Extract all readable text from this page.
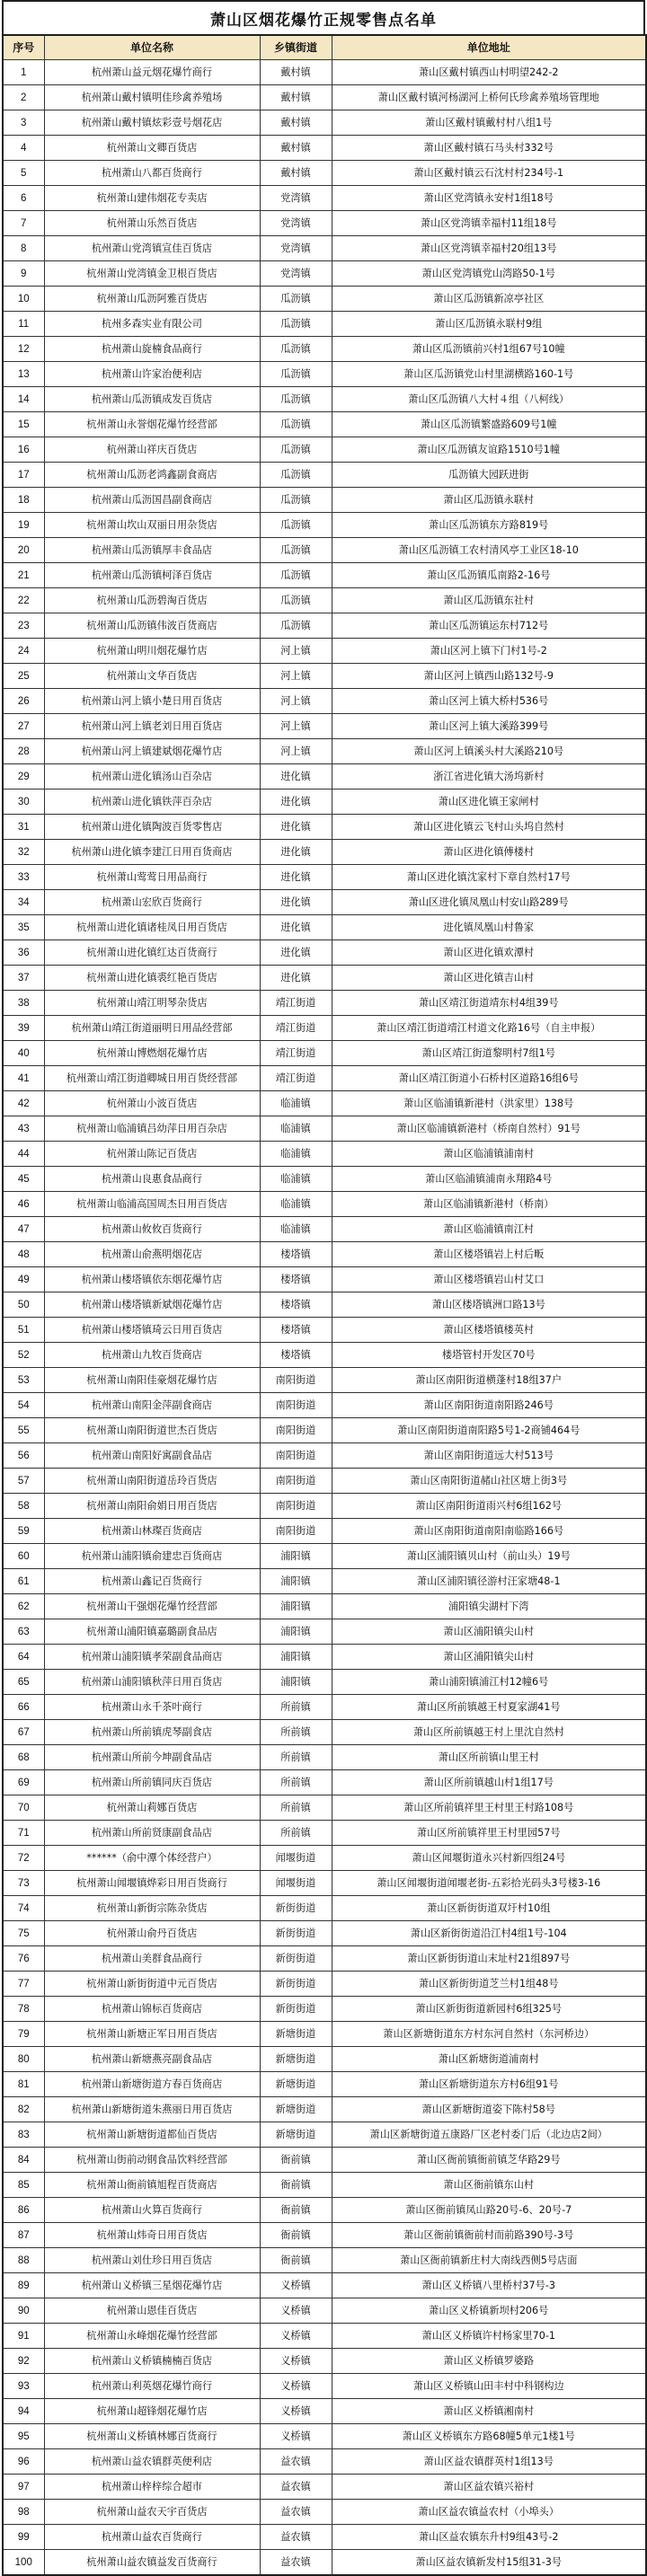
萧山区烟花爆竹正规零售点名单
序号	单位名称	乡镇街道	单位地址
1	杭州萧山益元烟花爆竹商行	戴村镇	萧山区戴村镇西山村明望242-2
2	杭州萧山戴村镇明佳珍禽养殖场	戴村镇	萧山区戴村镇河杨湖河上桥何氏珍禽养殖场管理地
3	杭州萧山戴村镇炫彩壹号烟花店	戴村镇	萧山区戴村镇戴村村八组1号
4	杭州萧山文卿百货店	戴村镇	萧山区戴村镇石马头村332号
5	杭州萧山八都百货商行	戴村镇	萧山区戴村镇云石沈村村234号-1
6	杭州萧山建伟烟花专卖店	党湾镇	萧山区党湾镇永安村1组18号
7	杭州萧山乐然百货店	党湾镇	萧山区党湾镇幸福村11组18号
8	杭州萧山党湾镇宣佳百货店	党湾镇	萧山区党湾镇幸福村20组13号
9	杭州萧山党湾镇金卫根百货店	党湾镇	萧山区党湾镇党山湾路50-1号
10	杭州萧山瓜沥阿雅百货店	瓜沥镇	萧山区瓜沥镇新凉亭社区
11	杭州多森实业有限公司	瓜沥镇	萧山区瓜沥镇永联村9组
12	杭州萧山旋楠食品商行	瓜沥镇	萧山区瓜沥镇前兴村1组67号10幢
13	杭州萧山许家治便利店	瓜沥镇	萧山区瓜沥镇党山村里湖横路160-1号
14	杭州萧山瓜沥镇成发百货店	瓜沥镇	萧山区瓜沥镇八大村４组（八柯线）
15	杭州萧山永誉烟花爆竹经营部	瓜沥镇	萧山区瓜沥镇繁盛路609号1幢
16	杭州萧山祥庆百货店	瓜沥镇	萧山区瓜沥镇友谊路1510号1幢
17	杭州萧山瓜沥老鸿鑫副食商店	瓜沥镇	瓜沥镇大园跃进街
18	杭州萧山瓜沥国昌副食商店	瓜沥镇	萧山区瓜沥镇永联村
19	杭州萧山坎山双丽日用杂货店	瓜沥镇	萧山区瓜沥镇东方路819号
20	杭州萧山瓜沥镇厚丰食品店	瓜沥镇	萧山区瓜沥镇工农村清风亭工业区18-10
21	杭州萧山瓜沥镇柯泽百货店	瓜沥镇	萧山区瓜沥镇瓜南路2-16号
22	杭州萧山瓜沥碧淘百货店	瓜沥镇	萧山区瓜沥镇东社村
23	杭州萧山瓜沥镇伟波百货商店	瓜沥镇	萧山区瓜沥镇运东村712号
24	杭州萧山明川烟花爆竹店	河上镇	萧山区河上镇下门村1号-2
25	杭州萧山文华百货店	河上镇	萧山区河上镇西山路132号-9
26	杭州萧山河上镇小楚日用百货店	河上镇	萧山区河上镇大桥村536号
27	杭州萧山河上镇老刘日用百货店	河上镇	萧山区河上镇大溪路399号
28	杭州萧山河上镇建斌烟花爆竹店	河上镇	萧山区河上镇溪头村大溪路210号
29	杭州萧山进化镇汤山百杂店	进化镇	浙江省进化镇大汤坞新村
30	杭州萧山进化镇铁萍百杂店	进化镇	萧山区进化镇王家闸村
31	杭州萧山进化镇陶波百货零售店	进化镇	萧山区进化镇云飞村山头坞自然村
32	杭州萧山进化镇李建江日用百货商店	进化镇	萧山区进化镇傅楼村
33	杭州萧山莺莺日用品商行	进化镇	萧山区进化镇沈家村下章自然村17号
34	杭州萧山宏欣百货商行	进化镇	萧山区进化镇凤凰山村安山路289号
35	杭州萧山进化镇诸桂凤日用百货店	进化镇	进化镇凤凰山村鲁家
36	杭州萧山进化镇红达百货商行	进化镇	萧山区进化镇欢潭村
37	杭州萧山进化镇裘红艳百货店	进化镇	萧山区进化镇吉山村
38	杭州萧山靖江明琴杂货店	靖江街道	萧山区靖江街道靖东村4组39号
39	杭州萧山靖江街道丽明日用品经营部	靖江街道	萧山区靖江街道靖江村道文化路16号（自主申报）
40	杭州萧山博燃烟花爆竹店	靖江街道	萧山区靖江街道黎明村7组1号
41	杭州萧山靖江街道卿城日用百货经营部	靖江街道	萧山区靖江街道小石桥村区道路16组6号
42	杭州萧山小波百货店	临浦镇	萧山区临浦镇新港村（洪家里）138号
43	杭州萧山临浦镇吕幼萍日用百杂店	临浦镇	萧山区临浦镇新港村（桥南自然村）91号
44	杭州萧山陈记百货店	临浦镇	萧山区临浦镇浦南村
45	杭州萧山良惠食品商行	临浦镇	萧山区临浦镇浦南永翔路4号
46	杭州萧山临浦高国周杰日用百货店	临浦镇	萧山区临浦镇新港村（桥南）
47	杭州萧山攸攸百货商行	临浦镇	萧山区临浦镇南江村
48	杭州萧山俞燕明烟花店	楼塔镇	萧山区楼塔镇岩上村后畈
49	杭州萧山楼塔镇依东烟花爆竹店	楼塔镇	萧山区楼塔镇岩山村艾口
50	杭州萧山楼塔镇新斌烟花爆竹店	楼塔镇	萧山区楼塔镇洲口路13号
51	杭州萧山楼塔镇琦云日用百货店	楼塔镇	萧山区楼塔镇楼英村
52	杭州萧山九牧百货商店	楼塔镇	楼塔管村开发区70号
53	杭州萧山南阳佳豪烟花爆竹店	南阳街道	萧山区南阳街道横蓬村18组37户
54	杭州萧山南阳金萍副食商店	南阳街道	萧山区南阳街道南阳路246号
55	杭州萧山南阳街道世杰百货店	南阳街道	萧山区南阳街道南阳路5号1-2商铺464号
56	杭州萧山南阳好寓副食品店	南阳街道	萧山区南阳街道远大村513号
57	杭州萧山南阳街道岳玲百货店	南阳街道	萧山区南阳街道赭山社区塘上街3号
58	杭州萧山南阳俞娟日用百货店	南阳街道	萧山区南阳街道雨兴村6组162号
59	杭州萧山林璨百货商店	南阳街道	萧山区南阳街道南阳南临路166号
60	杭州萧山浦阳镇俞建忠百货商店	浦阳镇	萧山区浦阳镇贝山村（前山头）19号
61	杭州萧山鑫记百货商行	浦阳镇	萧山区浦阳镇径游村汪家塘48-1
62	杭州萧山干强烟花爆竹经营部	浦阳镇	浦阳镇尖湖村下湾
63	杭州萧山浦阳镇嘉璐副食品店	浦阳镇	萧山区浦阳镇尖山村
64	杭州萧山浦阳镇孝荣副食品商店	浦阳镇	萧山区浦阳镇尖山村
65	杭州萧山浦阳镇秋萍日用百货店	浦阳镇	萧山浦阳镇浦江村12幢6号
66	杭州萧山永千茶叶商行	所前镇	萧山区所前镇越王村夏家湖41号
67	杭州萧山所前镇虎琴副食店	所前镇	萧山区所前镇越王村上里沈自然村
68	杭州萧山所前今坤副食品店	所前镇	萧山区所前镇山里王村
69	杭州萧山所前镇同庆百货店	所前镇	萧山区所前镇越山村1组17号
70	杭州萧山莉娜百货店	所前镇	萧山区所前镇祥里王村里王村路108号
71	杭州萧山所前贤康副食品店	所前镇	萧山区所前镇祥里王村里园57号
72	******（俞中潭个体经营户）	闻堰街道	萧山区闻堰街道永兴村新四组24号
73	杭州萧山闻堰镇烨彩日用百货商行	闻堰街道	萧山区闻堰街道闻堰老街-五彩拾光码头3号楼3-16
74	杭州萧山新街宗陈杂货店	新街街道	萧山区新街街道双圩村10组
75	杭州萧山俞丹百货店	新街街道	萧山区新街街道沿江村4组1号-104
76	杭州萧山美群食品商行	新街街道	萧山区新街街道山末址村21组897号
77	杭州萧山新街街道中元百货店	新街街道	萧山区新街街道芝兰村1组48号
78	杭州萧山锦标百货商店	新街街道	萧山区新街街道新园村6组325号
79	杭州萧山新塘正军日用百货店	新塘街道	萧山区新塘街道东方村东河自然村（东河桥边）
80	杭州萧山新塘燕亮副食品店	新塘街道	萧山区新塘街道浦南村
81	杭州萧山新塘街道方春百货商店	新塘街道	萧山区新塘街道东方村6组91号
82	杭州萧山新塘街道朱燕丽日用百货店	新塘街道	萧山区新塘街道姿下陈村58号
83	杭州萧山新塘街道都仙百货店	新塘街道	萧山区新塘街道五康路厂区老村委门后（北边店2间）
84	杭州萧山街前动钢食品饮料经营部	衙前镇	萧山区衙前镇衙前镇芝华路29号
85	杭州萧山衙前镇旭程百货商店	衙前镇	萧山区衙前镇东山村
86	杭州萧山火算百货商行	衙前镇	萧山区衙前镇凤山路20号-6、20号-7
87	杭州萧山炜奇日用百货店	衙前镇	萧山区衙前镇衙前村而前路390号-3号
88	杭州萧山刘仕珍日用百货店	衙前镇	萧山区衙前镇新庄村大南线西侧5号店面
89	杭州萧山义桥镇三星烟花爆竹店	义桥镇	萧山区义桥镇八里桥村37号-3
90	杭州萧山恩佳百货店	义桥镇	萧山区义桥镇新坝村206号
91	杭州萧山永峰烟花爆竹经营部	义桥镇	萧山区义桥镇许村杨家里70-1
92	杭州萧山义桥镇楠楠百货店	义桥镇	萧山区义桥镇罗婆路
93	杭州萧山利英烟花爆竹商行	义桥镇	萧山区义桥镇山田丰村中科钢构边
94	杭州萧山超锋烟花爆竹店	义桥镇	萧山区义桥镇湘南村
95	杭州萧山义桥镇林娜百货商行	义桥镇	萧山区义桥镇东方路68幢5单元1楼1号
96	杭州萧山益农镇群英便利店	益农镇	萧山区益农镇群英村1组13号
97	杭州萧山梓梓综合超市	益农镇	萧山区益农镇兴裕村
98	杭州萧山益农天宇百货店	益农镇	萧山区益农镇益农村（小埠头）
99	杭州萧山益农百货商行	益农镇	萧山区益农镇东升村9组43号-2
100	杭州萧山益农镇益发百货商行	益农镇	萧山区益农镇新发村15组31-3号
